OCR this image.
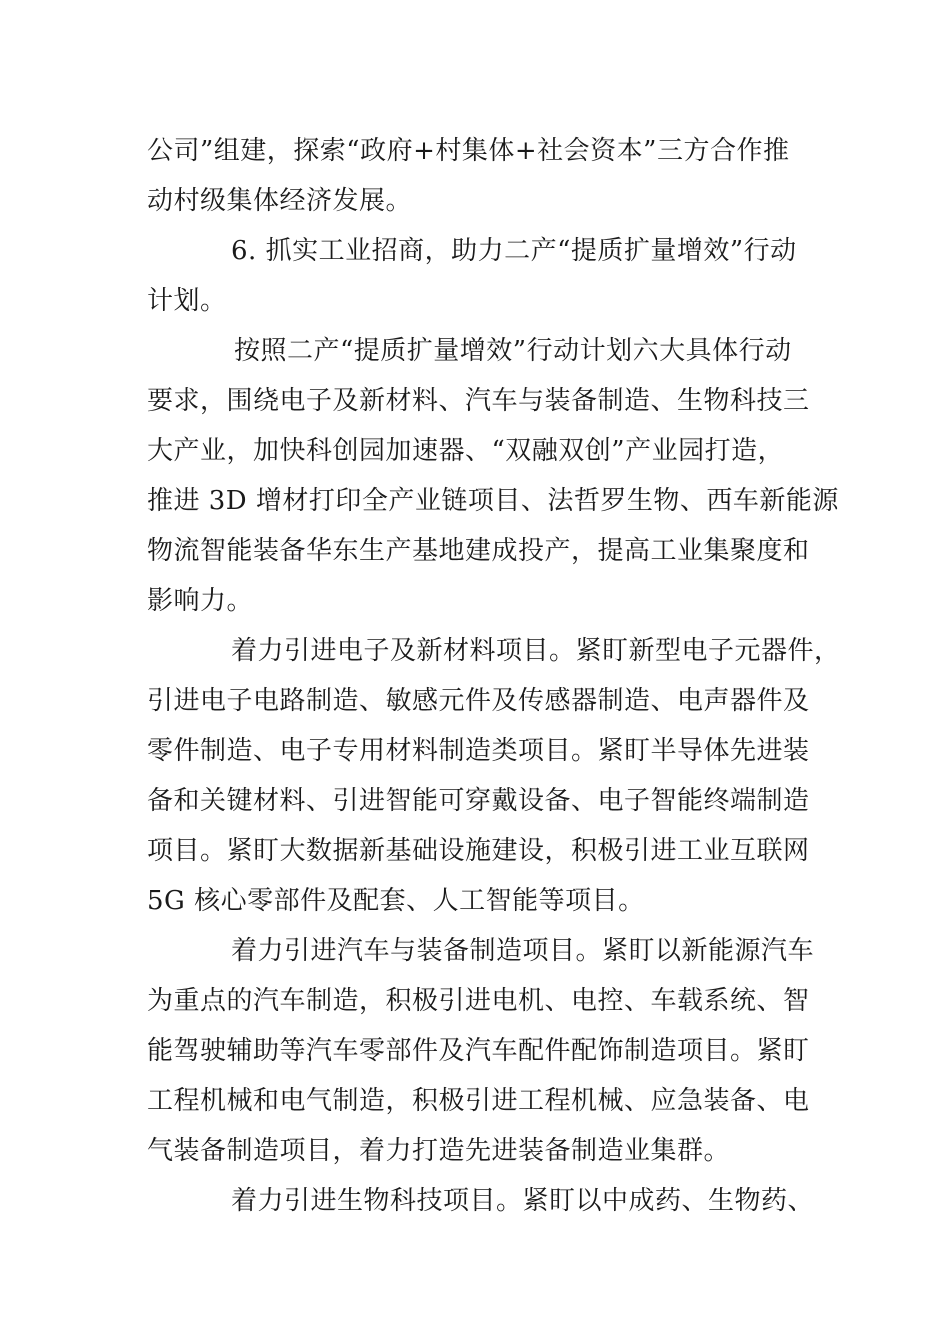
公司”组建，探索“政府+村集体+社会资本”三方合作推
动村级集体经济发展。
6. 抓实工业招商，助力二产“提质扩量增效”行动
计划。
按照二产“提质扩量增效”行动计划六大具体行动
要求，围绕电子及新材料、汽车与装备制造、生物科技三
大产业，加快科创园加速器、“双融双创”产业园打造，
推进 3D 增材打印全产业链项目、法哲罗生物、西车新能源
物流智能装备华东生产基地建成投产，提高工业集聚度和
影响力。
着力引进电子及新材料项目。紧盯新型电子元器件，
引进电子电路制造、敏感元件及传感器制造、电声器件及
零件制造、电子专用材料制造类项目。紧盯半导体先进装
备和关键材料、引进智能可穿戴设备、电子智能终端制造
项目。紧盯大数据新基础设施建设，积极引进工业互联网
5G 核心零部件及配套、人工智能等项目。
着力引进汽车与装备制造项目。紧盯以新能源汽车
为重点的汽车制造，积极引进电机、电控、车载系统、智
能驾驶辅助等汽车零部件及汽车配件配饰制造项目。紧盯
工程机械和电气制造，积极引进工程机械、应急装备、电
气装备制造项目，着力打造先进装备制造业集群。
着力引进生物科技项目。紧盯以中成药、生物药、
